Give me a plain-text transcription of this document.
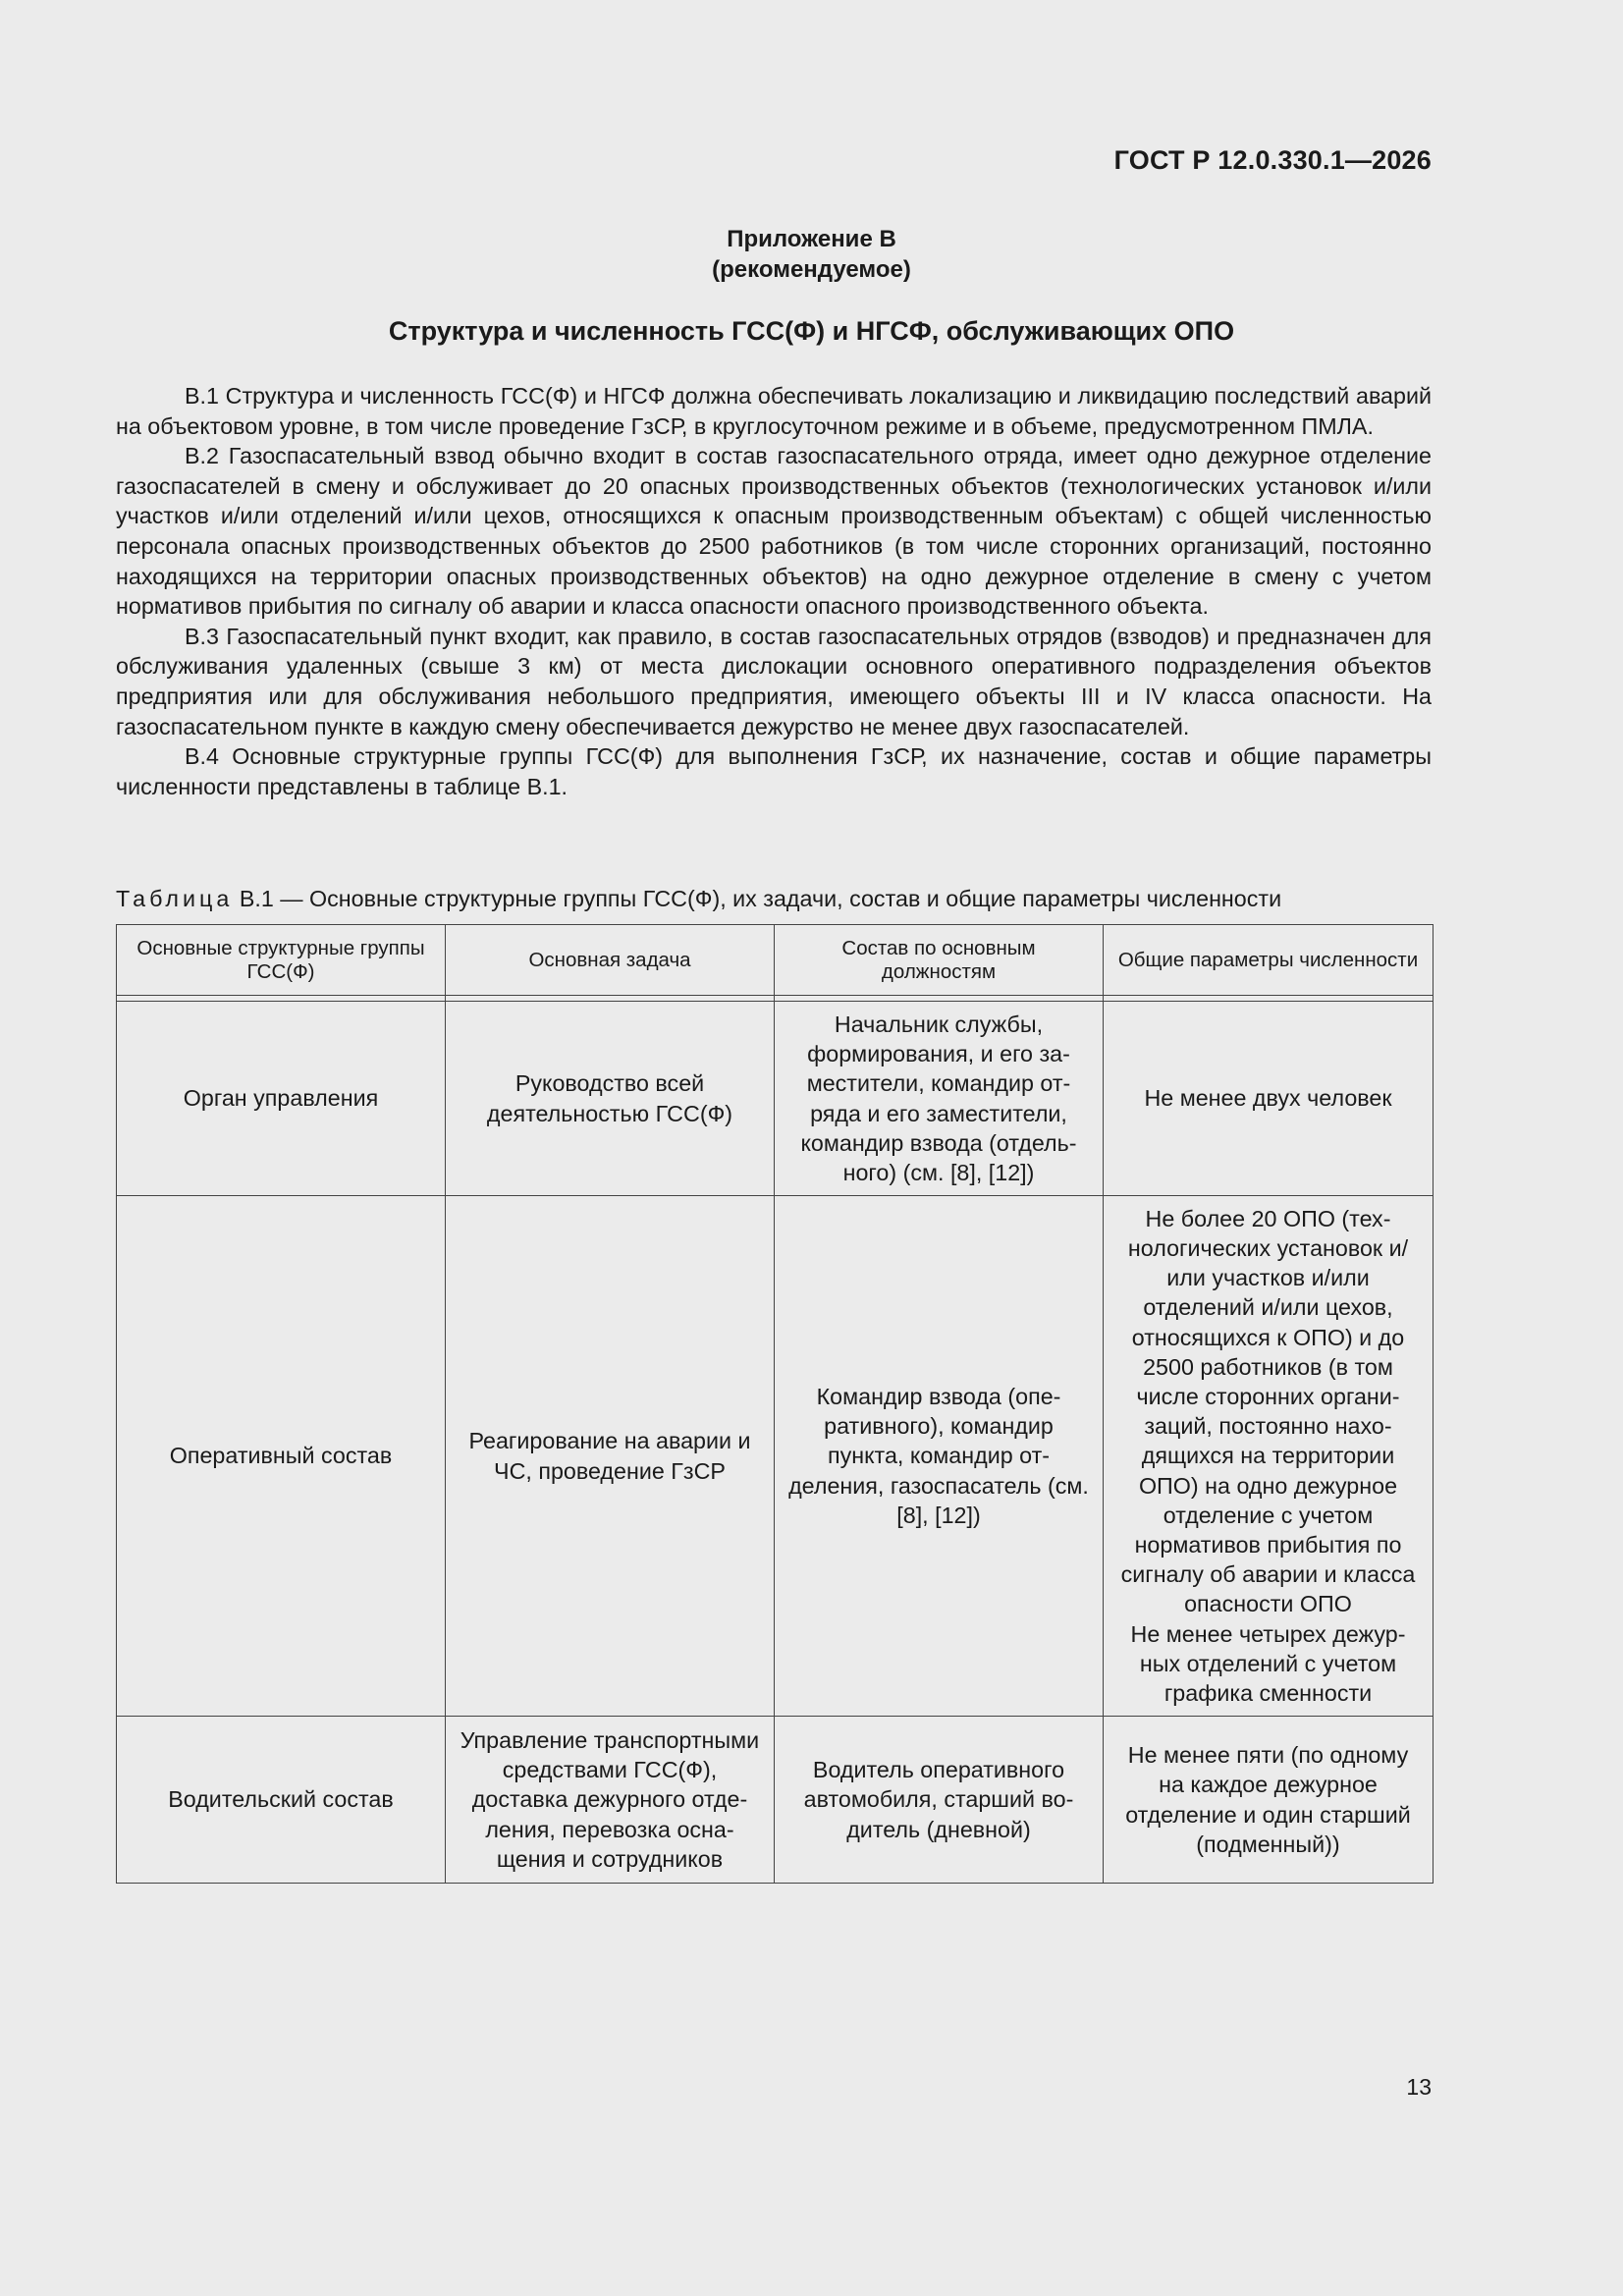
ГОСТ Р 12.0.330.1—2026
Приложение В
(рекомендуемое)
Структура и численность ГСС(Ф) и НГСФ, обслуживающих ОПО

В.1 Структура и численность ГСС(Ф) и НГСФ должна обеспечивать локализацию и ликвидацию последствий аварий на объектовом уровне, в том числе проведение ГзСР, в круглосуточном режиме и в объеме, предусмотренном ПМЛА.

В.2 Газоспасательный взвод обычно входит в состав газоспасательного отряда, имеет одно дежурное отделение газоспасателей в смену и обслуживает до 20 опасных производственных объектов (технологических установок и/или участков и/или отделений и/или цехов, относящихся к опасным производственным объектам) с общей численностью персонала опасных производственных объектов до 2500 работников (в том числе сторонних организаций, постоянно находящихся на территории опасных производственных объектов) на одно дежурное отделение в смену с учетом нормативов прибытия по сигналу об аварии и класса опасности опасного производственного объекта.

В.3 Газоспасательный пункт входит, как правило, в состав газоспасательных отрядов (взводов) и предназначен для обслуживания удаленных (свыше 3 км) от места дислокации основного оперативного подразделения объектов предприятия или для обслуживания небольшого предприятия, имеющего объекты III и IV класса опасности. На газоспасательном пункте в каждую смену обеспечивается дежурство не менее двух газоспасателей.

В.4 Основные структурные группы ГСС(Ф) для выполнения ГзСР, их назначение, состав и общие параметры численности представлены в таблице В.1.

Таблица В.1 — Основные структурные группы ГСС(Ф), их задачи, состав и общие параметры численности
Основные структурные группы ГСС(Ф)	Основная задача	Состав по основным должностям	Общие параметры численности

Орган управления	Руководство всей деятельностью ГСС(Ф)	Начальник службы, формирования, и его заместители, командир отряда и его заместители, командир взвода (отдельного) (см. [8], [12])	Не менее двух человек
Оперативный состав	Реагирование на аварии и ЧС, проведение ГзСР	Командир взвода (оперативного), командир пункта, командир отделения, газоспасатель (см. [8], [12])	Не более 20 ОПО (технологических установок и/или участков и/или отделений и/или цехов, относящихся к ОПО) и до 2500 работников (в том числе сторонних организаций, постоянно находящихся на территории ОПО) на одно дежурное отделение с учетом нормативов прибытия по сигналу об аварии и класса опасности ОПО
Не менее четырех дежурных отделений с учетом графика сменности
Водительский состав	Управление транспортными средствами ГСС(Ф), доставка дежурного отделения, перевозка оснащения и сотрудников	Водитель оперативного автомобиля, старший водитель (дневной)	Не менее пяти (по одному на каждое дежурное отделение и один старший (подменный))
13
